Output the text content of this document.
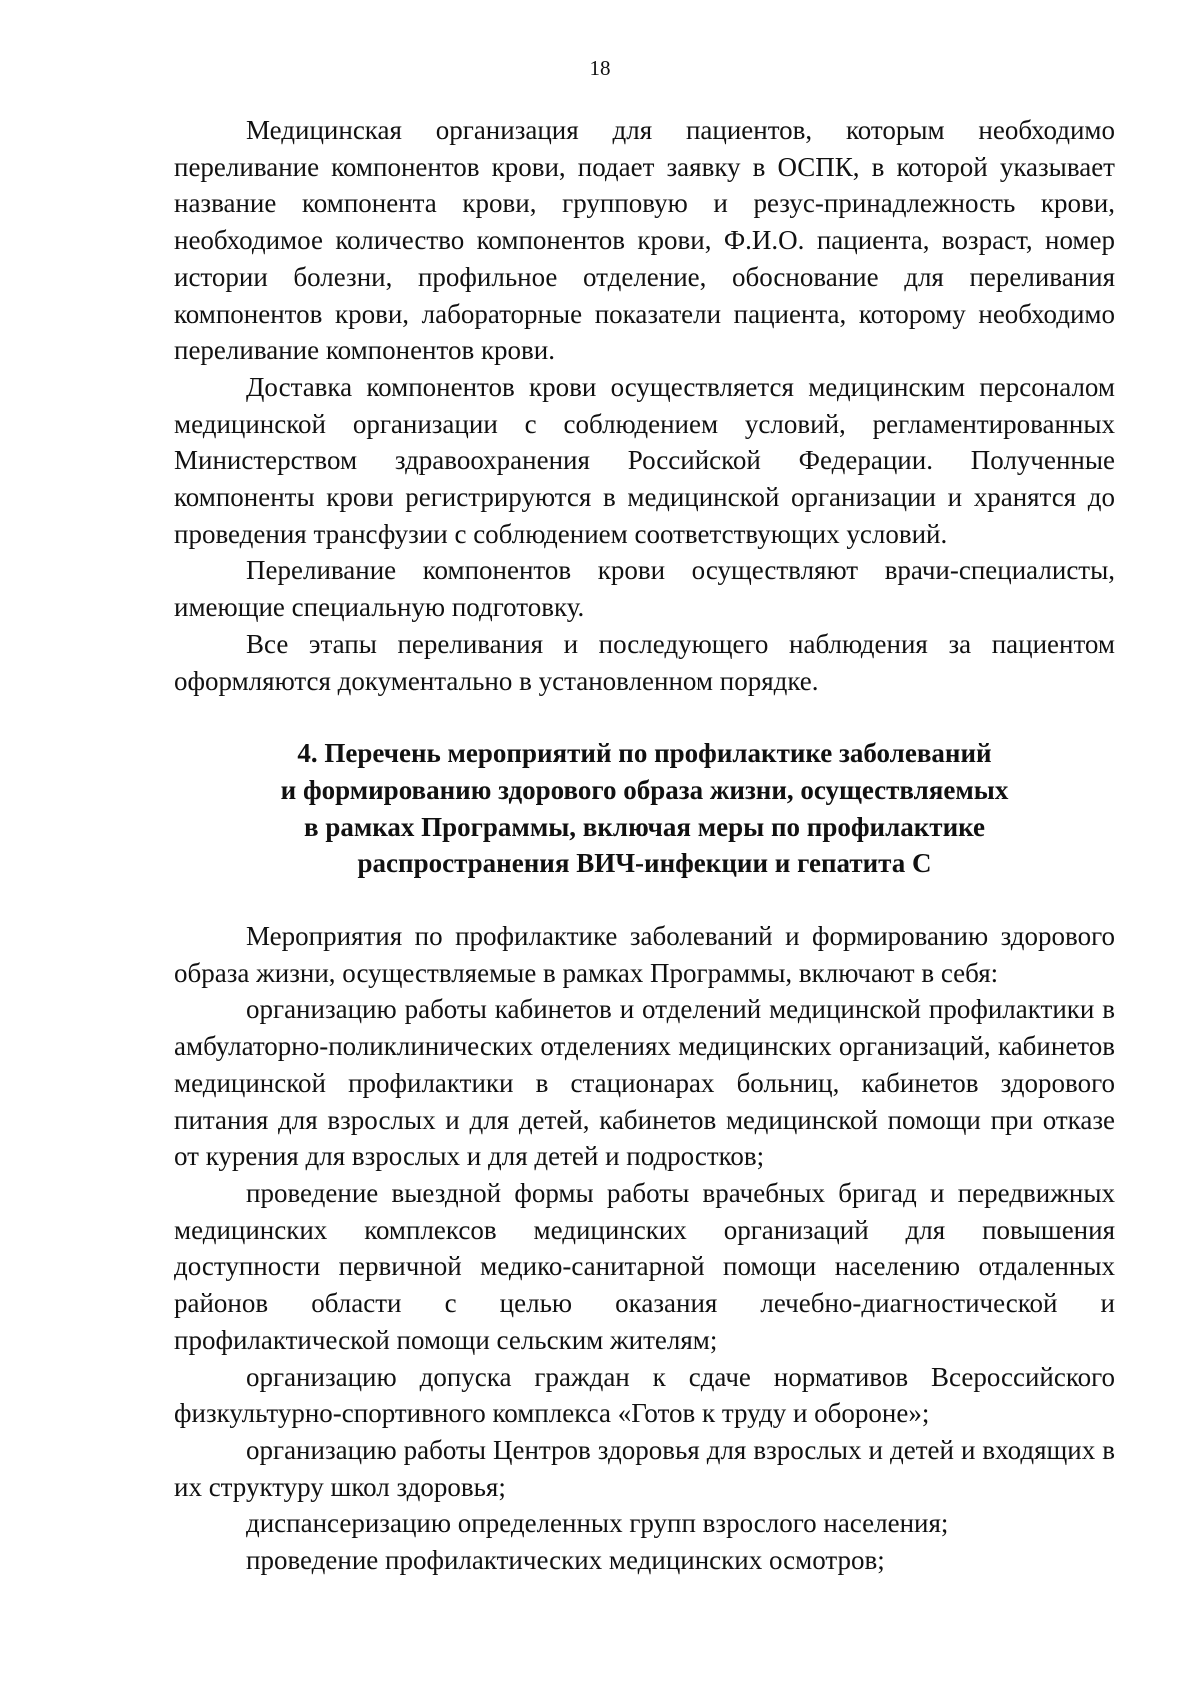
18

Медицинская организация для пациентов, которым необходимо переливание компонентов крови, подает заявку в ОСПК, в которой указывает название компонента крови, групповую и резус-принадлежность крови, необходимое количество компонентов крови, Ф.И.О. пациента, возраст, номер истории болезни, профильное отделение, обоснование для переливания компонентов крови, лабораторные показатели пациента, которому необходимо переливание компонентов крови.

Доставка компонентов крови осуществляется медицинским персоналом медицинской организации с соблюдением условий, регламентированных Министерством здравоохранения Российской Федерации. Полученные компоненты крови регистрируются в медицинской организации и хранятся до проведения трансфузии с соблюдением соответствующих условий.

Переливание компонентов крови осуществляют врачи-специалисты, имеющие специальную подготовку.

Все этапы переливания и последующего наблюдения за пациентом оформляются документально в установленном порядке.

4. Перечень мероприятий по профилактике заболеваний
и формированию здорового образа жизни, осуществляемых
в рамках Программы, включая меры по профилактике
распространения ВИЧ-инфекции и гепатита С

Мероприятия по профилактике заболеваний и формированию здорового образа жизни, осуществляемые в рамках Программы, включают в себя:

организацию работы кабинетов и отделений медицинской профилактики в амбулаторно-поликлинических отделениях медицинских организаций, кабинетов медицинской профилактики в стационарах больниц, кабинетов здорового питания для взрослых и для детей, кабинетов медицинской помощи при отказе от курения для взрослых и для детей и подростков;

проведение выездной формы работы врачебных бригад и передвижных медицинских комплексов медицинских организаций для повышения доступности первичной медико-санитарной помощи населению отдаленных районов области с целью оказания лечебно-диагностической и профилактической помощи сельским жителям;

организацию допуска граждан к сдаче нормативов Всероссийского физкультурно-спортивного комплекса «Готов к труду и обороне»;

организацию работы Центров здоровья для взрослых и детей и входящих в их структуру школ здоровья;

диспансеризацию определенных групп взрослого населения;

проведение профилактических медицинских осмотров;
